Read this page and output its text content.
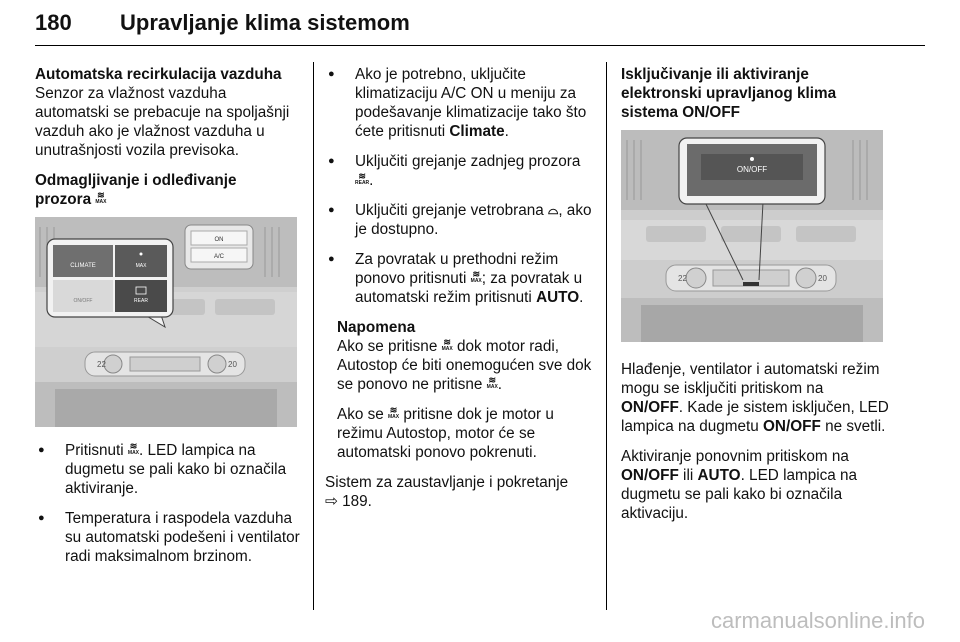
180 Upravljanje klima sistemom

Automatska recirkulacija vazduha

Senzor za vlažnost vazduha automatski se prebacuje na spoljašnji vazduh ako je vlažnost vazduha u unutrašnjosti vozila previsoka.

Odmagljivanje i odleđivanje
prozora ≋
MAX

ON
A/C
22	20
CLIMATE	MAX
ON/OFF	REAR
● Pritisnuti ≋
MAX . LED lampica na dugmetu se pali kako bi označila aktiviranje.
● Temperatura i raspodela vazduha su automatski podešeni i ventilator radi maksimalnom brzinom.
● Ako je potrebno, uključite klimatizaciju A/C ON u meniju za podešavanje klimatizacije tako što ćete pritisnuti Climate.
● Uključiti grejanje zadnjeg prozora ≋
REAR .
● Uključiti grejanje vetrobrana ⌓, ako je dostupno.
● Za povratak u prethodni režim ponovo pritisnuti ≋
MAX ; za povratak u automatski režim pritisnuti AUTO.

Napomena

Ako se pritisne ≋
MAX dok motor radi, Autostop će biti onemogućen sve dok se ponovo ne pritisne ≋
MAX .

Ako se ≋
MAX pritisne dok je motor u režimu Autostop, motor će se automatski ponovo pokrenuti.

Sistem za zaustavljanje i pokretanje
⇨ 189.

Isključivanje ili aktiviranje elektronski upravljanog klima sistema ON/OFF

22	20
ON/OFF

Hlađenje, ventilator i automatski režim mogu se isključiti pritiskom na ON/OFF. Kade je sistem isključen, LED lampica na dugmetu ON/OFF ne svetli.

Aktiviranje ponovnim pritiskom na ON/OFF ili AUTO. LED lampica na dugmetu se pali kako bi označila aktivaciju.

carmanualsonline.info
